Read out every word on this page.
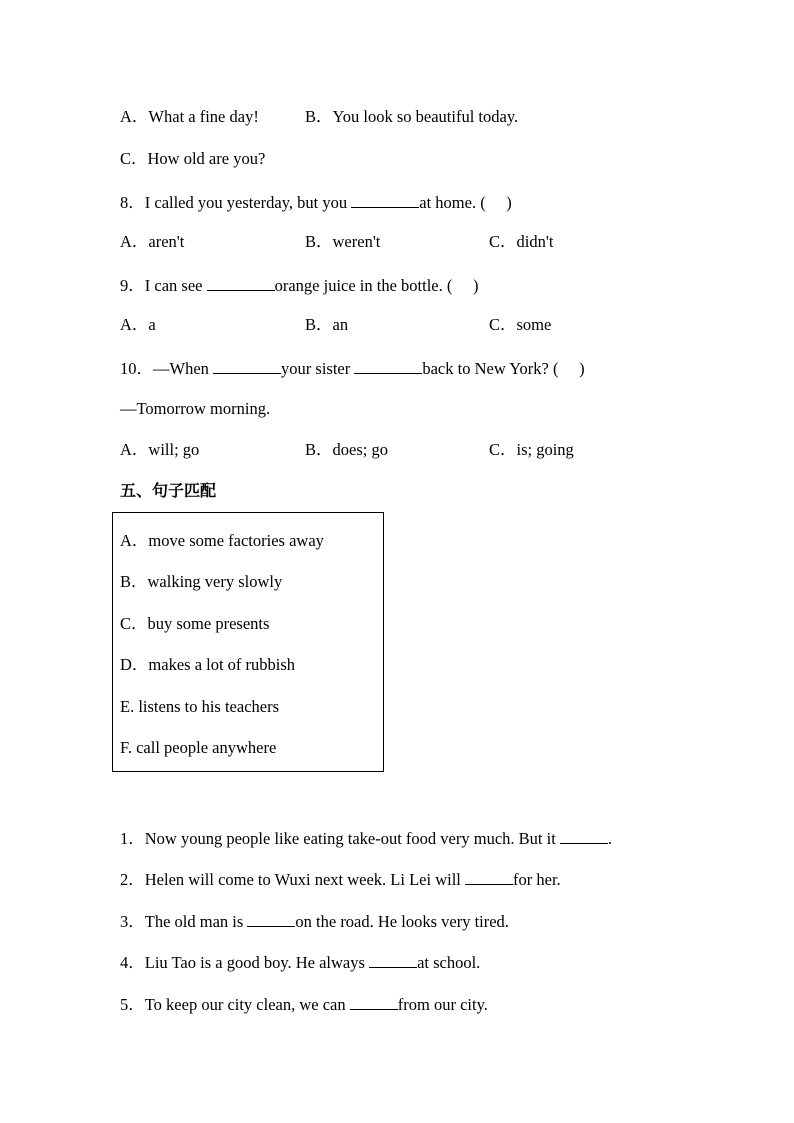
A．What a fine day!	B．You look so beautiful today.
C．How old are you?
8．I called you yesterday, but you	at home. (     )
A．aren't	B．weren't	C．didn't
9．I can see	orange juice in the bottle. (     )
A．a	B．an	C．some
10．—When	your sister	back to New York? (     )
—Tomorrow morning.
A．will; go	B．does; go	C．is; going
五、句子匹配
A．move some factories away
B．walking very slowly
C．buy some presents
D．makes a lot of rubbish
E. listens to his teachers
F. call people anywhere
1．Now young people like eating take-out food very much. But it	.
2．Helen will come to Wuxi next week. Li Lei will	for her.
3．The old man is	on the road. He looks very tired.
4．Liu Tao is a good boy. He always	at school.
5．To keep our city clean, we can	from our city.
